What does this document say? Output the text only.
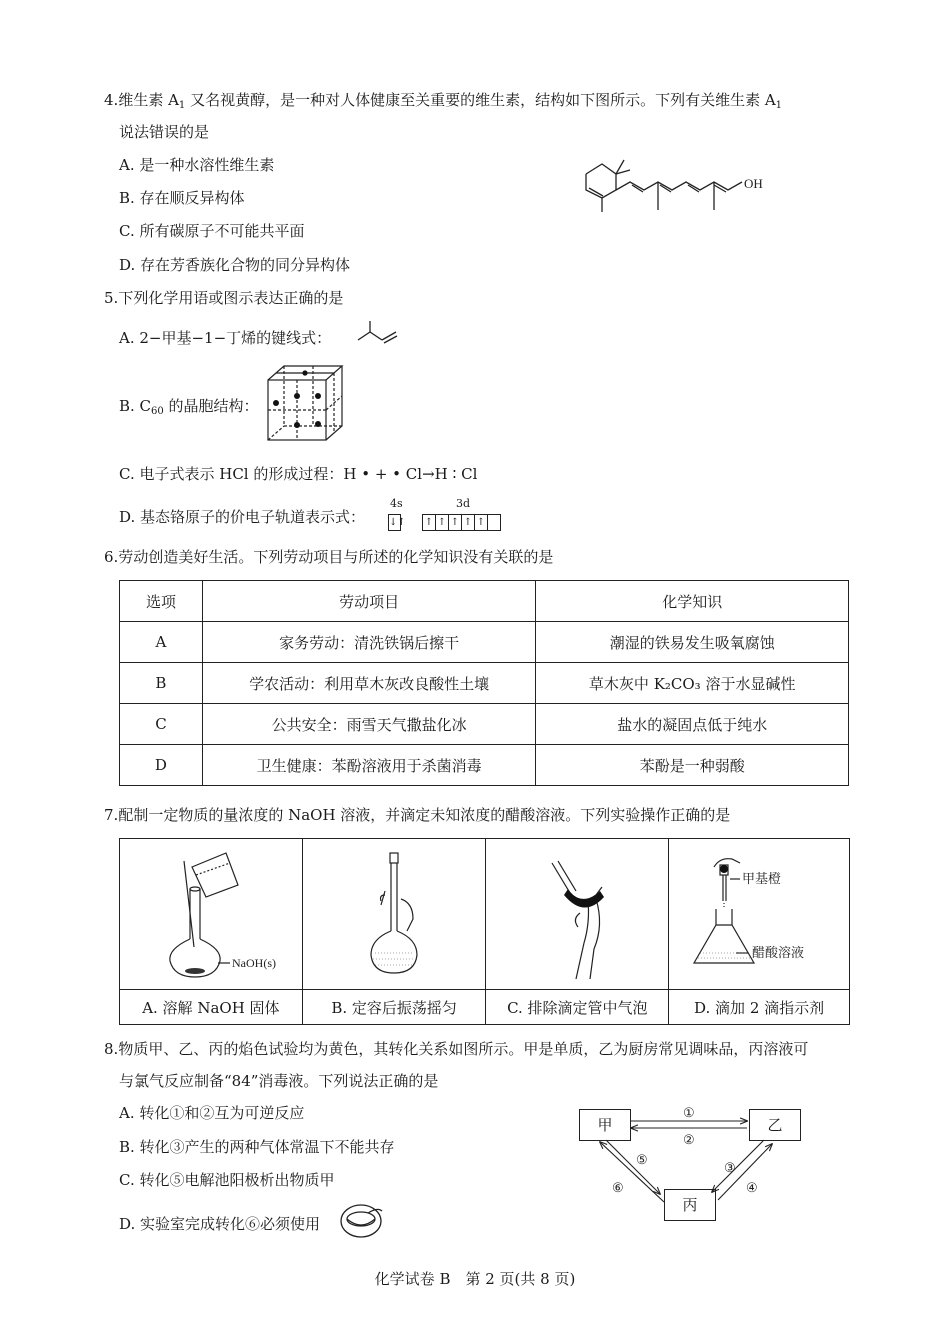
4.维生素 $A_1$ 又名视黄醇，是一种对人体健康至关重要的维生素，结构如下图所示。下列有关维生素 $A_1$
说法错误的是
A. 是一种水溶性维生素
B. 存在顺反异构体
C. 所有碳原子不可能共平面
D. 存在芳香族化合物的同分异构体
OH
5.下列化学用语或图示表达正确的是
A. 2−甲基−1−丁烯的键线式：
B. $C_{60}$ 的晶胞结构：
C. 电子式表示 HCl 的形成过程：H • + • Cl→H ∶ Cl
D. 基态铬原子的价电子轨道表示式：
4s	3d
↓↑ ↑ ↑ ↑ ↑ ↑
6.劳动创造美好生活。下列劳动项目与所述的化学知识没有关联的是
选项	劳动项目	化学知识
A	家务劳动：清洗铁锅后擦干	潮湿的铁易发生吸氧腐蚀
B	学农活动：利用草木灰改良酸性土壤	草木灰中 K₂CO₃ 溶于水显碱性
C	公共安全：雨雪天气撒盐化冰	盐水的凝固点低于纯水
D	卫生健康：苯酚溶液用于杀菌消毒	苯酚是一种弱酸
7.配制一定物质的量浓度的 NaOH 溶液，并滴定未知浓度的醋酸溶液。下列实验操作正确的是
NaOH(s)			甲基橙
醋酸溶液

A. 溶解 NaOH 固体	B. 定容后振荡摇匀	C. 排除滴定管中气泡	D. 滴加 2 滴指示剂
8.物质甲、乙、丙的焰色试验均为黄色，其转化关系如图所示。甲是单质，乙为厨房常见调味品，丙溶液可
与氯气反应制备“84”消毒液。下列说法正确的是
A. 转化①和②互为可逆反应
B. 转化③产生的两种气体常温下不能共存
C. 转化⑤电解池阳极析出物质甲
D. 实验室完成转化⑥必须使用
甲	乙
丙
①
②
③
④
⑤
⑥
化学试卷 B　第 2 页(共 8 页)
